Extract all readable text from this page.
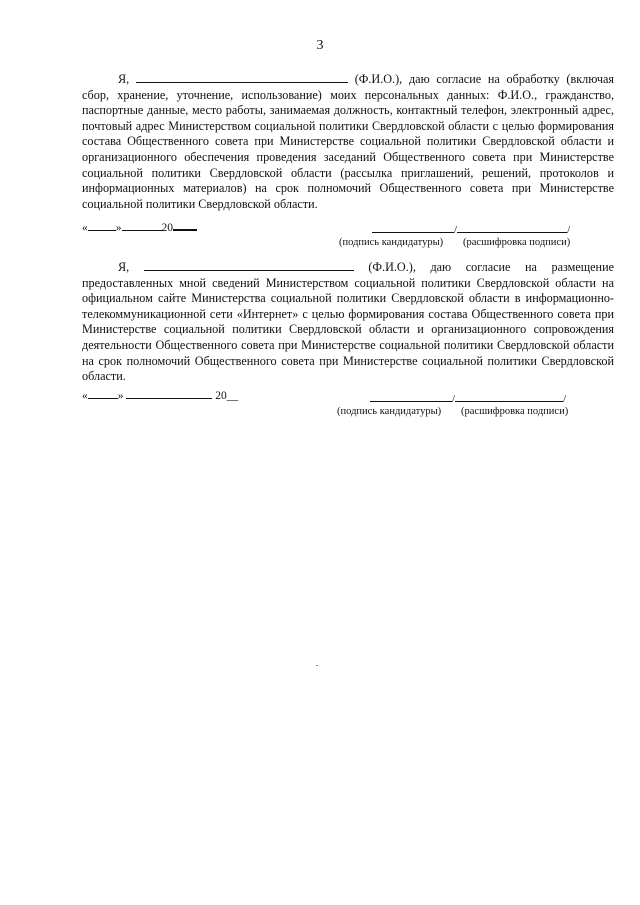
3

Я,	(Ф.И.О.), даю согласие на обработку (включая сбор, хранение, уточнение, использование) моих персональных данных: Ф.И.О., гражданство, паспортные данные, место работы, занимаемая должность, контактный телефон, электронный адрес, почтовый адрес Министерством социальной политики Свердловской области с целью формирования состава Общественного совета при Министерстве социальной политики Свердловской области и организационного обеспечения проведения заседаний Общественного совета при Министерстве социальной политики Свердловской области (рассылка приглашений, решений, протоколов и информационных материалов) на срок полномочий Общественного совета при Министерстве социальной политики Свердловской области.

« »	20	/	/
(подпись кандидатуры) (расшифровка подписи)

Я,	(Ф.И.О.), даю согласие на размещение предоставленных мной сведений Министерством социальной политики Свердловской области на официальном сайте Министерства социальной политики Свердловской области в информационно-телекоммуникационной сети «Интернет» с целью формирования состава Общественного совета при Министерстве социальной политики Свердловской области и организационного сопровождения деятельности Общественного совета при Министерстве социальной политики Свердловской области на срок полномочий Общественного совета при Министерстве социальной политики Свердловской области.

«	»	20__	/	/
(подпись кандидатуры) (расшифровка подписи)
